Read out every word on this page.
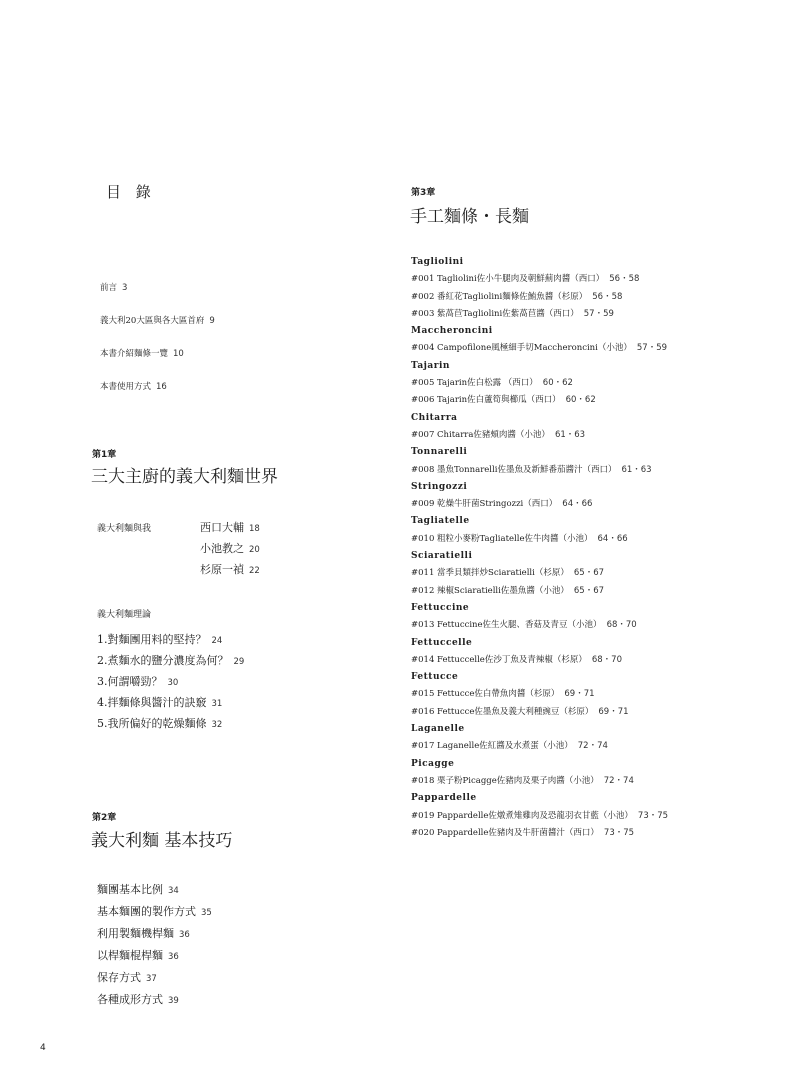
目 錄
前言 3
義大利20大區與各大區首府 9
本書介紹麵條一覽 10
本書使用方式 16
第1章
三大主廚的義大利麵世界
義大利麵與我	西口大輔 18
小池教之 20
杉原一禎 22
義大利麵理論
1.對麵團用料的堅持？ 24
2.煮麵水的鹽分濃度為何？ 29
3.何謂嚼勁？ 30
4.拌麵條與醬汁的訣竅 31
5.我所偏好的乾燥麵條 32
第2章
義大利麵 基本技巧
麵團基本比例 34
基本麵團的製作方式 35
利用製麵機桿麵 36
以桿麵棍桿麵 36
保存方式 37
各種成形方式 39
第3章
手工麵條・長麵
Tagliolini
#001 Tagliolini佐小牛腿肉及朝鮮薊肉醬（西口） 56・58
#002 番紅花Tagliolini麵條佐鮪魚醬（杉原） 56・58
#003 紫萵苣Tagliolini佐紫萵苣醬（西口） 57・59
Maccheroncini
#004 Campofilone風極細手切Maccheroncini（小池） 57・59
Tajarin
#005 Tajarin佐白松露 （西口） 60・62
#006 Tajarin佐白蘆筍與櫛瓜（西口） 60・62
Chitarra
#007 Chitarra佐豬頰肉醬（小池） 61・63
Tonnarelli
#008 墨魚Tonnarelli佐墨魚及新鮮番茄醬汁（西口） 61・63
Stringozzi
#009 乾燥牛肝菌Stringozzi（西口） 64・66
Tagliatelle
#010 粗粒小麥粉Tagliatelle佐牛肉醬（小池） 64・66
Sciaratielli
#011 當季貝類拌炒Sciaratielli（杉原） 65・67
#012 辣椒Sciaratielli佐墨魚醬（小池） 65・67
Fettuccine
#013 Fettuccine佐生火腿、香菇及青豆（小池） 68・70
Fettuccelle
#014 Fettuccelle佐沙丁魚及青辣椒（杉原） 68・70
Fettucce
#015 Fettucce佐白帶魚肉醬（杉原） 69・71
#016 Fettucce佐墨魚及義大利種豌豆（杉原） 69・71
Laganelle
#017 Laganelle佐紅醬及水煮蛋（小池） 72・74
Picagge
#018 栗子粉Picagge佐豬肉及栗子肉醬（小池） 72・74
Pappardelle
#019 Pappardelle佐燉煮雉雞肉及恐龍羽衣甘藍（小池） 73・75
#020 Pappardelle佐豬肉及牛肝菌醬汁（西口） 73・75
4
